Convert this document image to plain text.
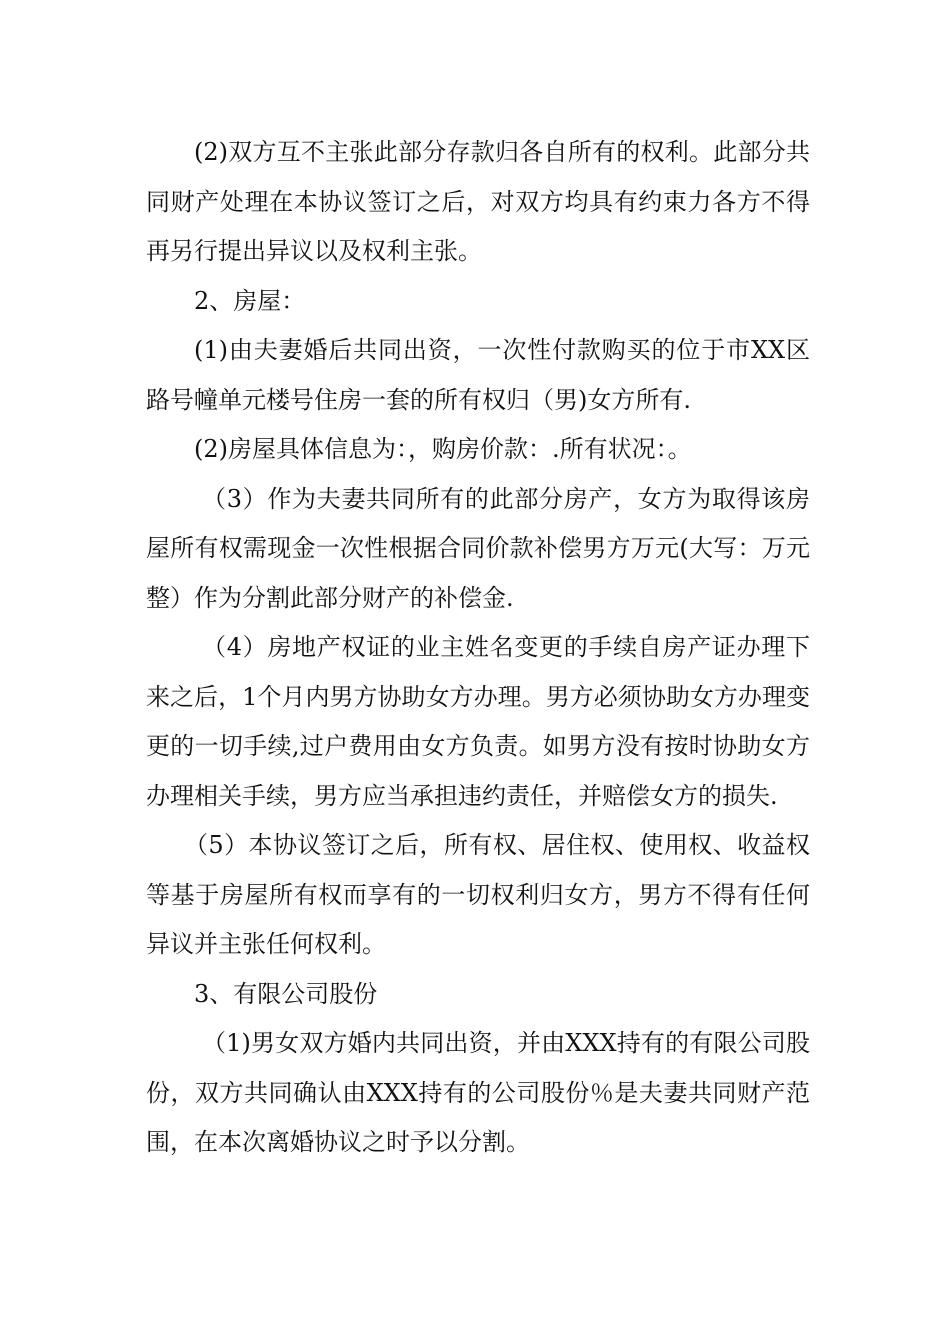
(2)双方互不主张此部分存款归各自所有的权利。此部分共同财产处理在本协议签订之后，对双方均具有约束力各方不得再另行提出异议以及权利主张。

2、房屋：

(1)由夫妻婚后共同出资，一次性付款购买的位于市XX区路号幢单元楼号住房一套的所有权归（男)女方所有.

(2)房屋具体信息为：，购房价款：.所有状况：。

（3）作为夫妻共同所有的此部分房产，女方为取得该房屋所有权需现金一次性根据合同价款补偿男方万元(大写：万元整）作为分割此部分财产的补偿金.

（4）房地产权证的业主姓名变更的手续自房产证办理下来之后，1个月内男方协助女方办理。男方必须协助女方办理变更的一切手续,过户费用由女方负责。如男方没有按时协助女方办理相关手续，男方应当承担违约责任，并赔偿女方的损失.

（5）本协议签订之后，所有权、居住权、使用权、收益权等基于房屋所有权而享有的一切权利归女方，男方不得有任何异议并主张任何权利。

3、有限公司股份

（1)男女双方婚内共同出资，并由XXX持有的有限公司股份，双方共同确认由XXX持有的公司股份％是夫妻共同财产范围，在本次离婚协议之时予以分割。
